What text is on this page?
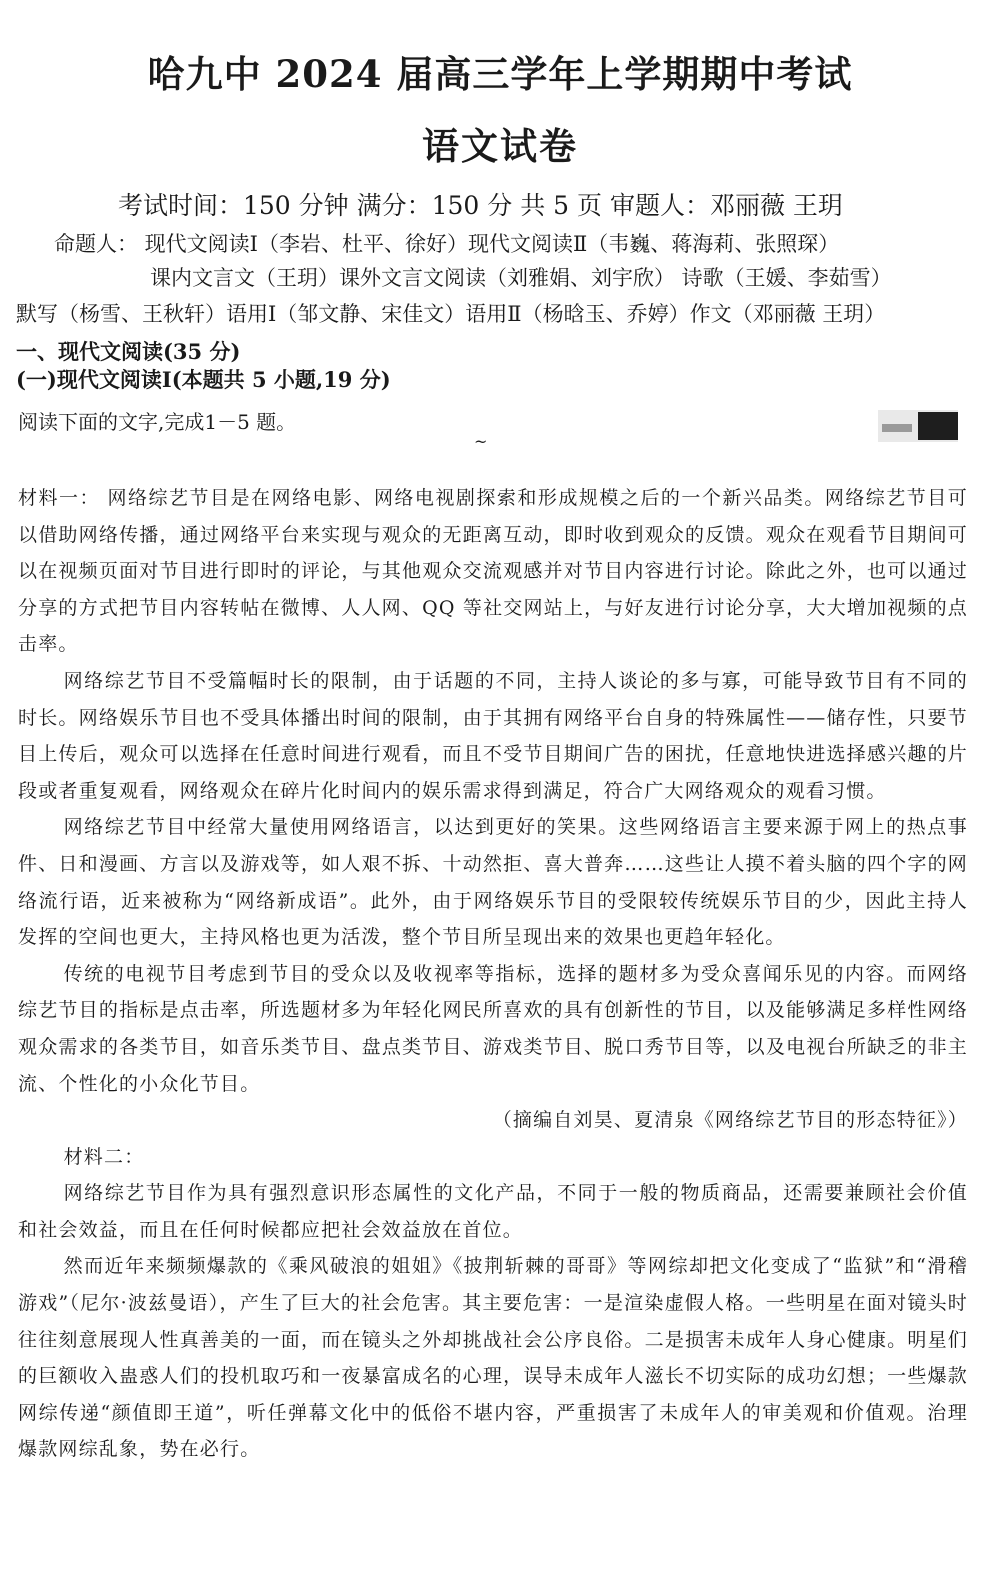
哈九中 2024 届高三学年上学期期中考试
语文试卷
考试时间：150 分钟 满分：150 分 共 5 页 审题人：邓丽薇 王玥
命题人： 现代文阅读Ⅰ（李岩、杜平、徐好）现代文阅读Ⅱ（韦巍、蒋海莉、张照琛）
课内文言文（王玥）课外文言文阅读（刘雅娟、刘宇欣） 诗歌（王媛、李茹雪）
默写（杨雪、王秋轩）语用Ⅰ（邹文静、宋佳文）语用Ⅱ（杨晗玉、乔婷）作文（邓丽薇 王玥）
一、现代文阅读(35 分)
(一)现代文阅读Ⅰ(本题共 5 小题,19 分)
阅读下面的文字,完成1－5 题。
~

材料一： 网络综艺节目是在网络电影、网络电视剧探索和形成规模之后的一个新兴品类。网络综艺节目可以借助网络传播，通过网络平台来实现与观众的无距离互动，即时收到观众的反馈。观众在观看节目期间可以在视频页面对节目进行即时的评论，与其他观众交流观感并对节目内容进行讨论。除此之外，也可以通过分享的方式把节目内容转帖在微博、人人网、QQ 等社交网站上，与好友进行讨论分享，大大增加视频的点击率。

网络综艺节目不受篇幅时长的限制，由于话题的不同，主持人谈论的多与寡，可能导致节目有不同的时长。网络娱乐节目也不受具体播出时间的限制，由于其拥有网络平台自身的特殊属性——储存性，只要节目上传后，观众可以选择在任意时间进行观看，而且不受节目期间广告的困扰，任意地快进选择感兴趣的片段或者重复观看，网络观众在碎片化时间内的娱乐需求得到满足，符合广大网络观众的观看习惯。

网络综艺节目中经常大量使用网络语言，以达到更好的笑果。这些网络语言主要来源于网上的热点事件、日和漫画、方言以及游戏等，如人艰不拆、十动然拒、喜大普奔……这些让人摸不着头脑的四个字的网络流行语，近来被称为“网络新成语”。此外，由于网络娱乐节目的受限较传统娱乐节目的少，因此主持人发挥的空间也更大，主持风格也更为活泼，整个节目所呈现出来的效果也更趋年轻化。

传统的电视节目考虑到节目的受众以及收视率等指标，选择的题材多为受众喜闻乐见的内容。而网络综艺节目的指标是点击率，所选题材多为年轻化网民所喜欢的具有创新性的节目，以及能够满足多样性网络观众需求的各类节目，如音乐类节目、盘点类节目、游戏类节目、脱口秀节目等，以及电视台所缺乏的非主流、个性化的小众化节目。

（摘编自刘昊、夏清泉《网络综艺节目的形态特征》）

材料二：

网络综艺节目作为具有强烈意识形态属性的文化产品，不同于一般的物质商品，还需要兼顾社会价值和社会效益，而且在任何时候都应把社会效益放在首位。

然而近年来频频爆款的《乘风破浪的姐姐》《披荆斩棘的哥哥》等网综却把文化变成了“监狱”和“滑稽游戏”（尼尔·波兹曼语），产生了巨大的社会危害。其主要危害：一是渲染虚假人格。一些明星在面对镜头时往往刻意展现人性真善美的一面，而在镜头之外却挑战社会公序良俗。二是损害未成年人身心健康。明星们的巨额收入蛊惑人们的投机取巧和一夜暴富成名的心理，误导未成年人滋长不切实际的成功幻想；一些爆款网综传递“颜值即王道”，听任弹幕文化中的低俗不堪内容，严重损害了未成年人的审美观和价值观。治理爆款网综乱象，势在必行。
